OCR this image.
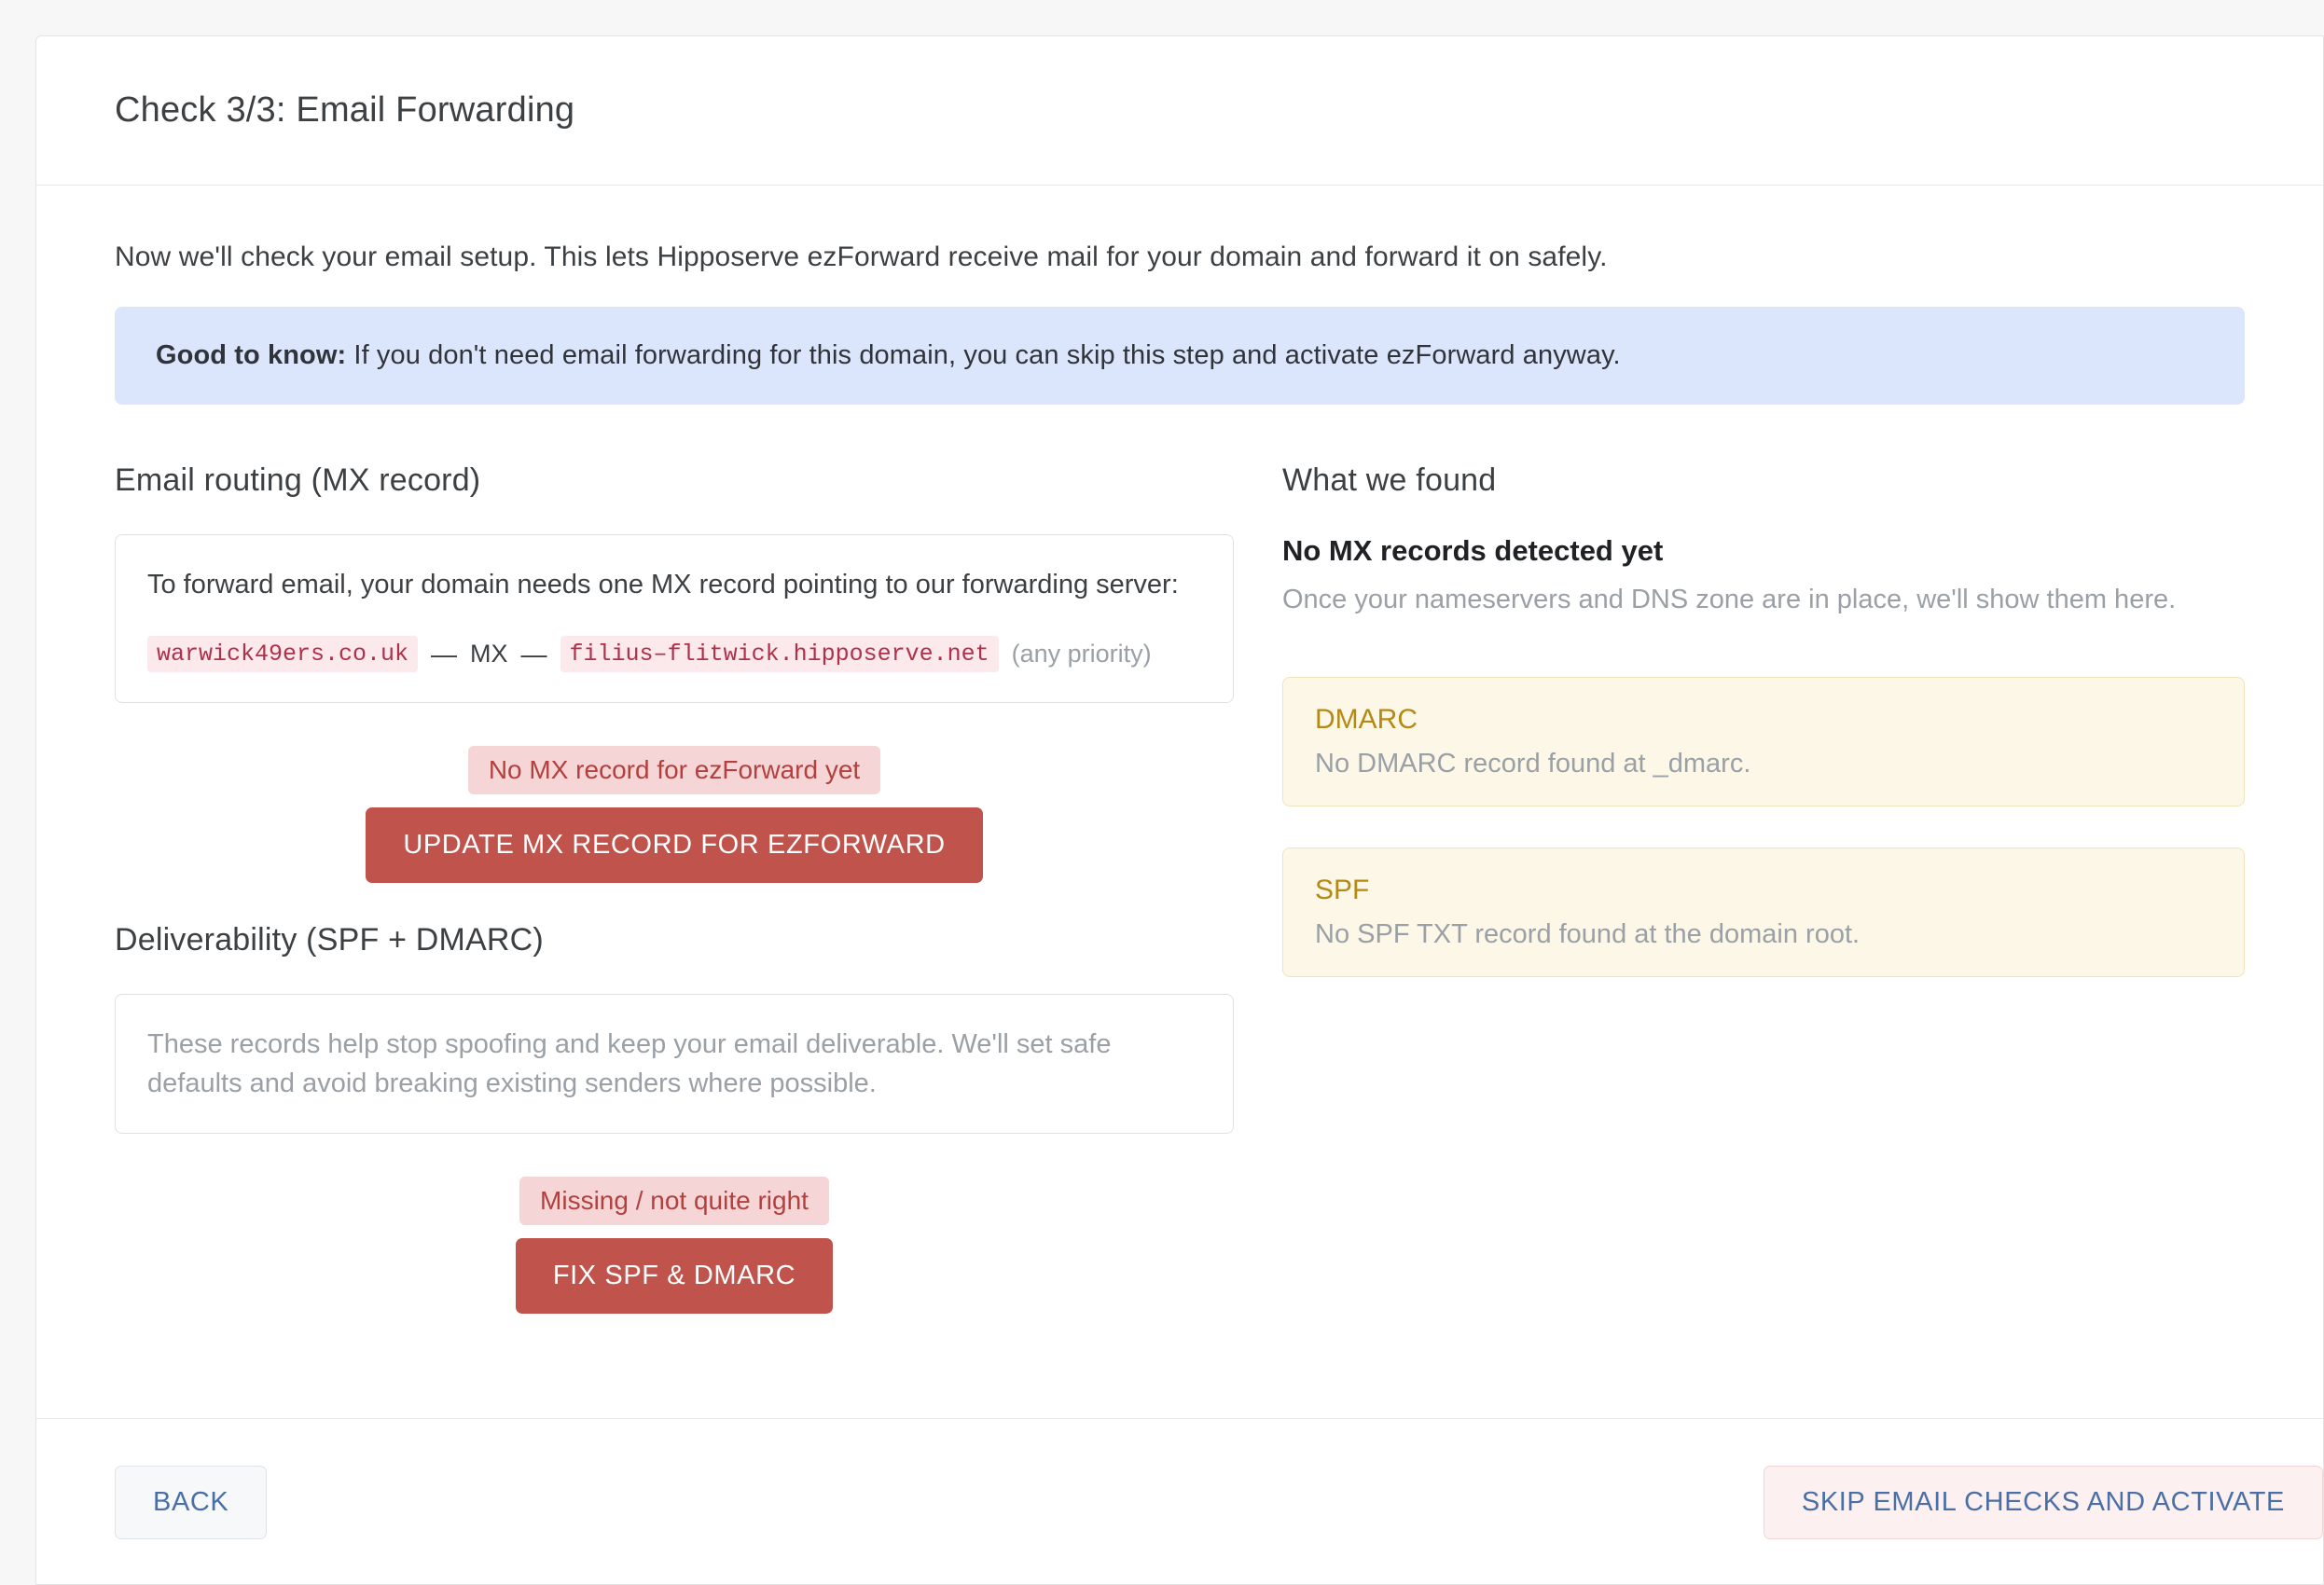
Check 3/3: Email Forwarding

Now we'll check your email setup. This lets Hipposerve ezForward receive mail for your domain and forward it on safely.

Good to know: If you don't need email forwarding for this domain, you can skip this step and activate ezForward anyway.
Email routing (MX record)

To forward email, your domain needs one MX record pointing to our forwarding server:

warwick49ers.co.uk — MX — filius–flitwick.hipposerve.net (any priority)
No MX record for ezForward yet
UPDATE MX RECORD FOR EZFORWARD
Deliverability (SPF + DMARC)

These records help stop spoofing and keep your email deliverable. We'll set safe defaults and avoid breaking existing senders where possible.

Missing / not quite right
FIX SPF & DMARC
What we found
No MX records detected yet

Once your nameservers and DNS zone are in place, we'll show them here.

DMARC

No DMARC record found at _dmarc.

SPF

No SPF TXT record found at the domain root.

BACK	SKIP EMAIL CHECKS AND ACTIVATE
